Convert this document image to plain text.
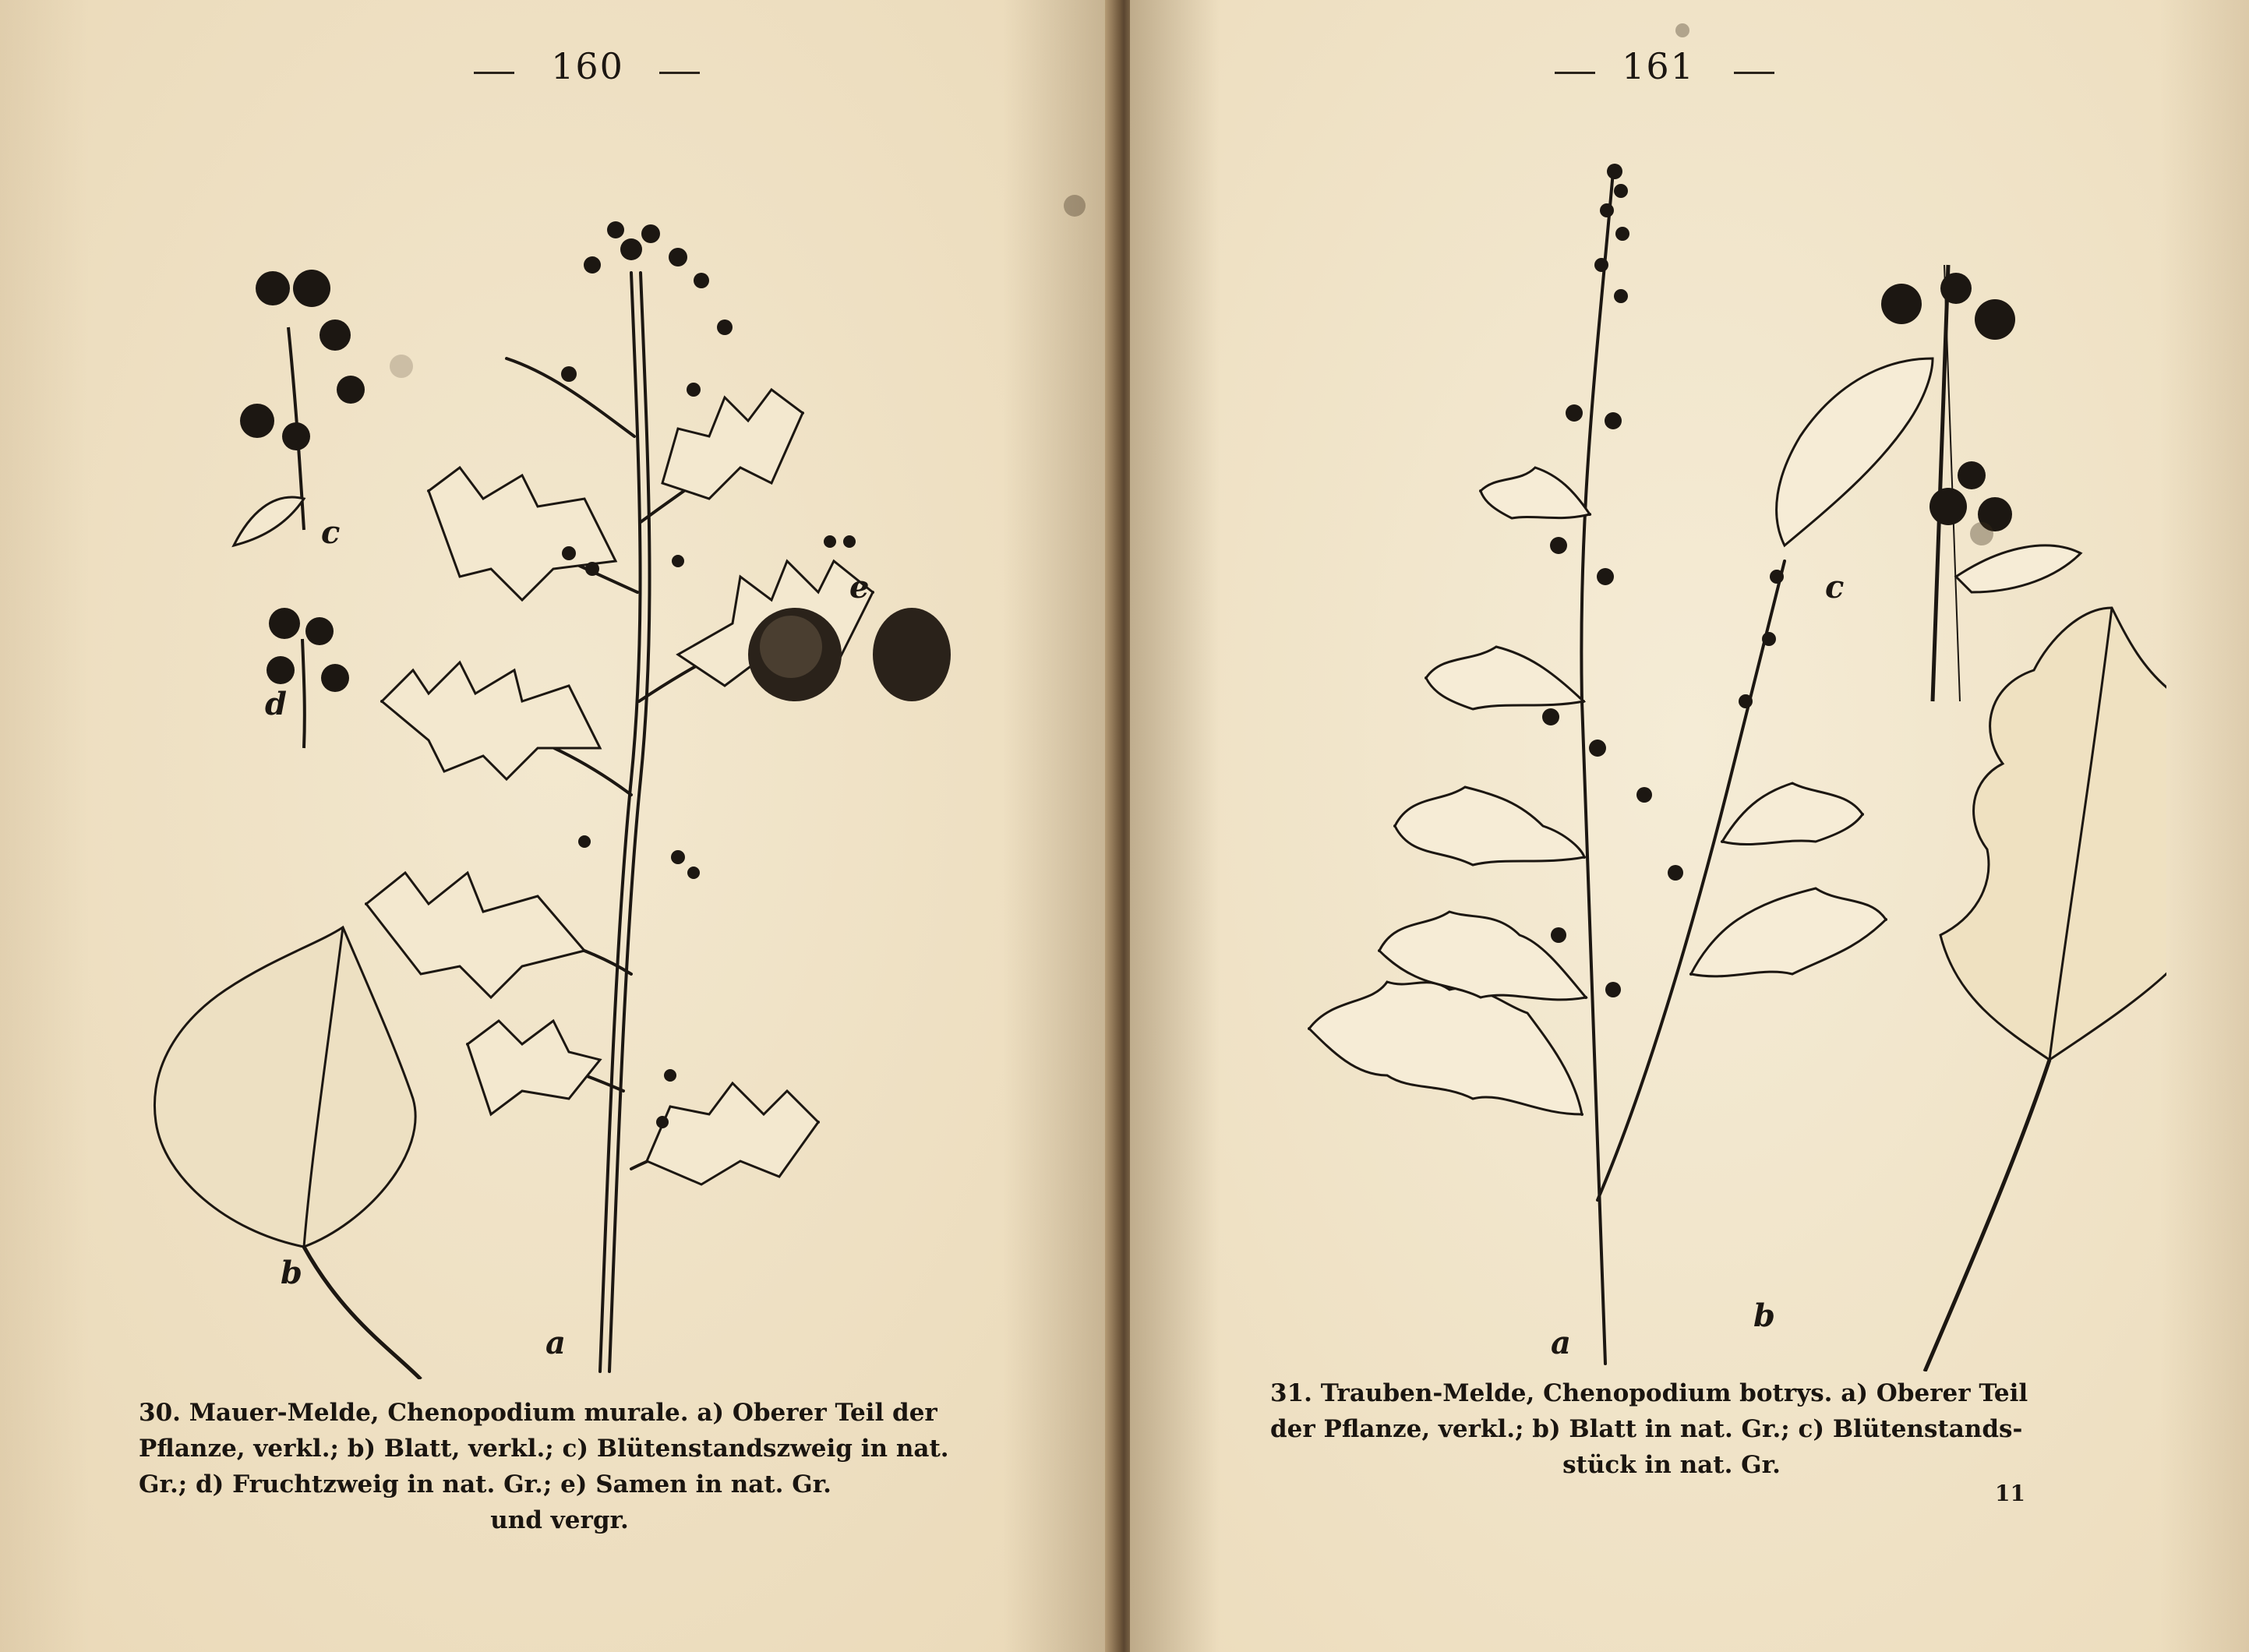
160
b
a
c
d
e
30. Mauer-Melde, Chenopodium murale. a) Oberer Teil der
Pflanze, verkl.; b) Blatt, verkl.; c) Blütenstandszweig in nat.
Gr.; d) Fruchtzweig in nat. Gr.; e) Samen in nat. Gr.
und vergr.
161
a
b
c
31. Trauben-Melde, Chenopodium botrys. a) Oberer Teil
der Pflanze, verkl.; b) Blatt in nat. Gr.; c) Blütenstands-
stück in nat. Gr.
11
